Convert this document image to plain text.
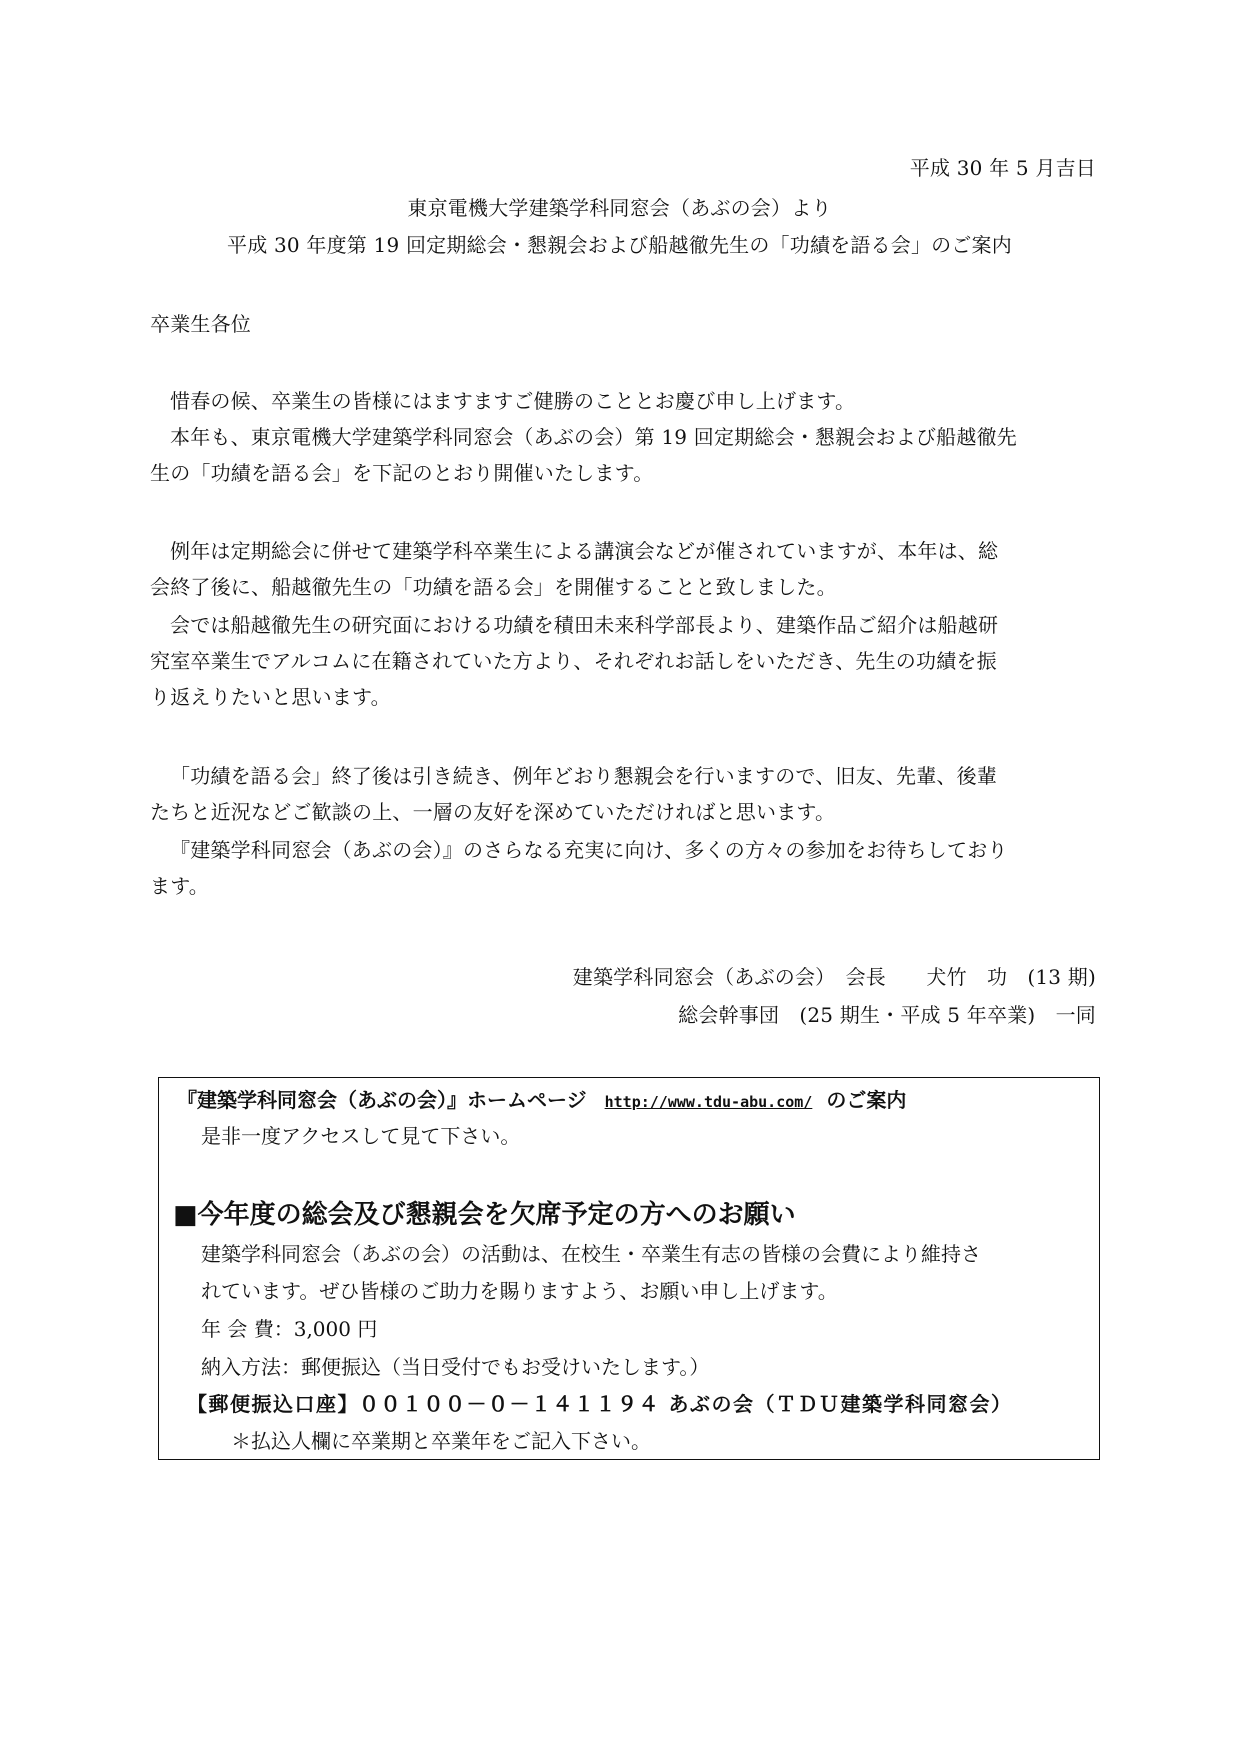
平成 30 年 5 月吉日
東京電機大学建築学科同窓会（あぶの会）より
平成 30 年度第 19 回定期総会・懇親会および船越徹先生の「功績を語る会」のご案内
卒業生各位
惜春の候、卒業生の皆様にはますますご健勝のこととお慶び申し上げます。
本年も、東京電機大学建築学科同窓会（あぶの会）第 19 回定期総会・懇親会および船越徹先
生の「功績を語る会」を下記のとおり開催いたします。
例年は定期総会に併せて建築学科卒業生による講演会などが催されていますが、本年は、総
会終了後に、船越徹先生の「功績を語る会」を開催することと致しました。
会では船越徹先生の研究面における功績を積田未来科学部長より、建築作品ご紹介は船越研
究室卒業生でアルコムに在籍されていた方より、それぞれお話しをいただき、先生の功績を振
り返えりたいと思います。
「功績を語る会」終了後は引き続き、例年どおり懇親会を行いますので、旧友、先輩、後輩
たちと近況などご歓談の上、一層の友好を深めていただければと思います。
『建築学科同窓会（あぶの会）』のさらなる充実に向け、多くの方々の参加をお待ちしており
ます。
建築学科同窓会（あぶの会）　会長　　犬竹　功　(13 期)
総会幹事団　(25 期生・平成 5 年卒業)　一同
『建築学科同窓会（あぶの会）』ホームページ http://www.tdu-abu.com/ のご案内
是非一度アクセスして見て下さい。
■今年度の総会及び懇親会を欠席予定の方へのお願い
建築学科同窓会（あぶの会）の活動は、在校生・卒業生有志の皆様の会費により維持さ
れています。ぜひ皆様のご助力を賜りますよう、お願い申し上げます。
年 会 費：3,000 円
納入方法：郵便振込（当日受付でもお受けいたします。）
【郵便振込口座】００１００－０－１４１１９４ あぶの会（ＴＤＵ建築学科同窓会）
＊払込人欄に卒業期と卒業年をご記入下さい。
